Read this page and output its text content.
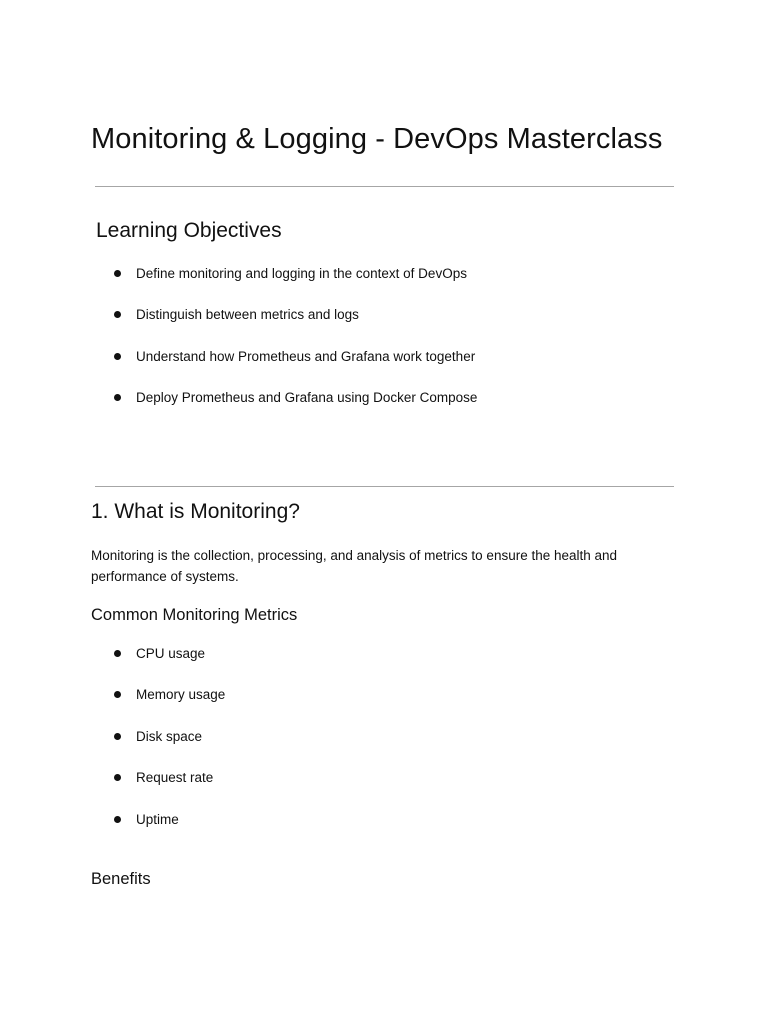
Monitoring & Logging - DevOps Masterclass
Learning Objectives
Define monitoring and logging in the context of DevOps
Distinguish between metrics and logs
Understand how Prometheus and Grafana work together
Deploy Prometheus and Grafana using Docker Compose
1. What is Monitoring?

Monitoring is the collection, processing, and analysis of metrics to ensure the health and performance of systems.

Common Monitoring Metrics
CPU usage
Memory usage
Disk space
Request rate
Uptime
Benefits
